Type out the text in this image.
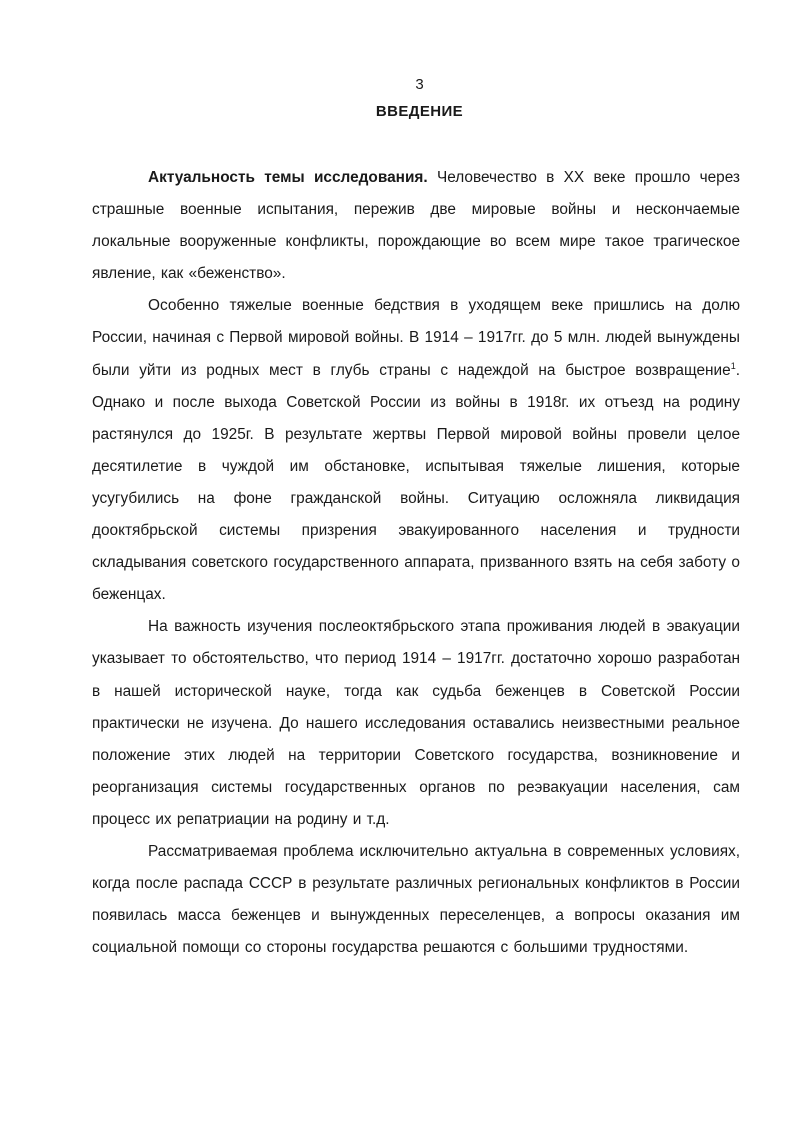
3
ВВЕДЕНИЕ

Актуальность темы исследования. Человечество в XX веке прошло через страшные военные испытания, пережив две мировые войны и нескончаемые локальные вооруженные конфликты, порождающие во всем мире такое трагическое явление, как «беженство».

Особенно тяжелые военные бедствия в уходящем веке пришлись на долю России, начиная с Первой мировой войны. В 1914 – 1917гг. до 5 млн. людей вынуждены были уйти из родных мест в глубь страны с надеждой на быстрое возвращение$^1$. Однако и после выхода Советской России из войны в 1918г. их отъезд на родину растянулся до 1925г. В результате жертвы Первой мировой войны провели целое десятилетие в чуждой им обстановке, испытывая тяжелые лишения, которые усугубились на фоне гражданской войны. Ситуацию осложняла ликвидация дооктябрьской системы призрения эвакуированного населения и трудности складывания советского государственного аппарата, призванного взять на себя заботу о беженцах.

На важность изучения послеоктябрьского этапа проживания людей в эвакуации указывает то обстоятельство, что период 1914 – 1917гг. достаточно хорошо разработан в нашей исторической науке, тогда как судьба беженцев в Советской России практически не изучена. До нашего исследования оставались неизвестными реальное положение этих людей на территории Советского государства, возникновение и реорганизация системы государственных органов по реэвакуации населения, сам процесс их репатриации на родину и т.д.

Рассматриваемая проблема исключительно актуальна в современных условиях, когда после распада СССР в результате различных региональных конфликтов в России появилась масса беженцев и вынужденных переселенцев, а вопросы оказания им социальной помощи со стороны государства решаются с большими трудностями.
